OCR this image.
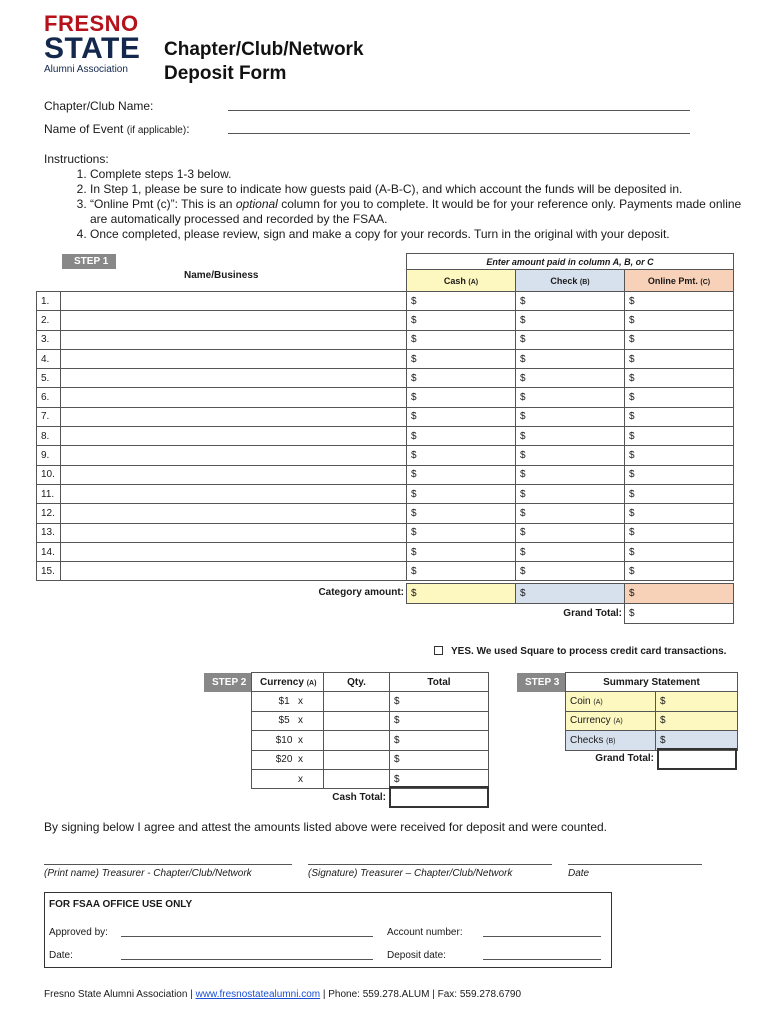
FRESNO
STATE
Alumni Association
Chapter/Club/Network
Deposit Form
Chapter/Club Name:
Name of Event (if applicable):
Instructions:
1. Complete steps 1-3 below.
2. In Step 1, please be sure to indicate how guests paid (A-B-C), and which account the funds will be deposited in.
3. “Online Pmt (c)”: This is an optional column for you to complete. It would be for your reference only. Payments made online are automatically processed and recorded by the FSAA.
4. Once completed, please review, sign and make a copy for your records. Turn in the original with your deposit.
STEP 1
		Enter amount paid in column A, B, or C		
Name/Business		Cash (A)	Check (B)	Online Pmt. (C)
1.		$	$	$
2.		$	$	$
3.		$	$	$
4.		$	$	$
5.		$	$	$
6.		$	$	$
7.		$	$	$
8.		$	$	$
9.		$	$	$
10.		$	$	$
11.		$	$	$
12.		$	$	$
13.		$	$	$
14.		$	$	$
15.		$	$	$
Category amount: $	$	$
Grand Total: $
YES. We used Square to process credit card transactions.
STEP 2	Currency (A)	Qty.	Total
$1   x		$
$5   x		$
$10  x		$
$20  x		$
x		$
Cash Total:
STEP 3	Summary Statement	
Coin (A)	$
Currency (A)	$
Checks (B)	$
Grand Total:
By signing below I agree and attest the amounts listed above were received for deposit and were counted.
(Print name) Treasurer - Chapter/Club/Network	(Signature) Treasurer – Chapter/Club/Network	Date
FOR FSAA OFFICE USE ONLY
Approved by:	Account number:
Date:	Deposit date:
Fresno State Alumni Association | www.fresnostatealumni.com | Phone: 559.278.ALUM | Fax: 559.278.6790
